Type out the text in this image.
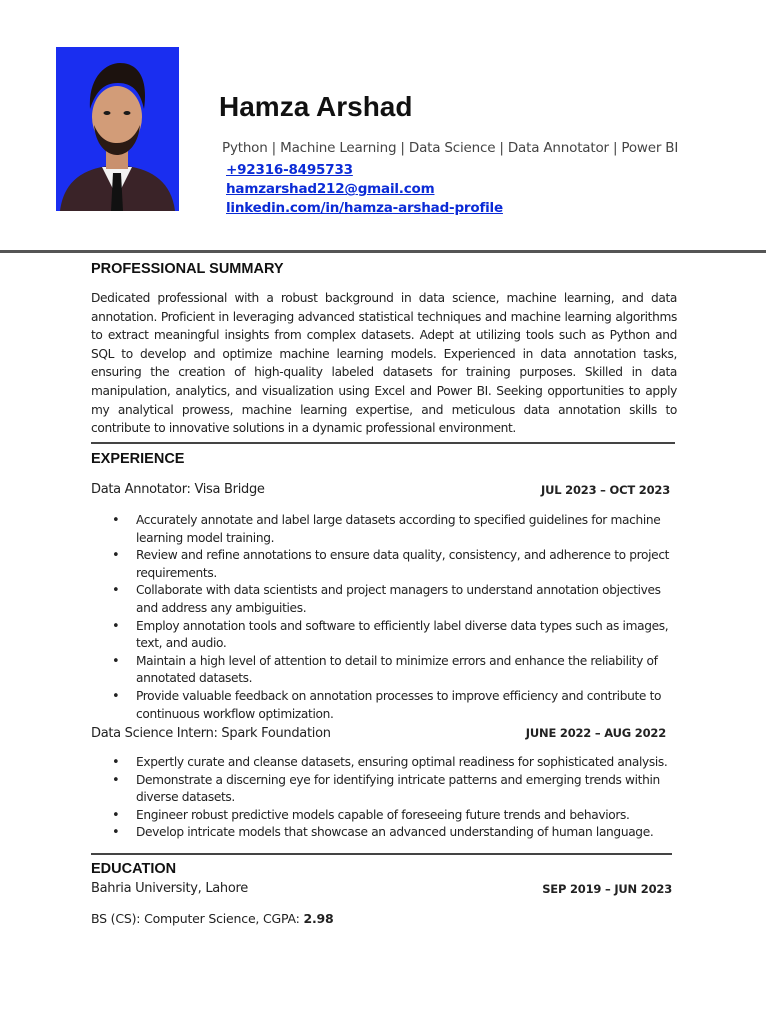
Hamza Arshad
Python | Machine Learning | Data Science | Data Annotator | Power BI
+92316-8495733
hamzarshad212@gmail.com
linkedin.com/in/hamza-arshad-profile
PROFESSIONAL SUMMARY

Dedicated professional with a robust background in data science, machine learning, and data annotation. Proficient in leveraging advanced statistical techniques and machine learning algorithms to extract meaningful insights from complex datasets. Adept at utilizing tools such as Python and SQL to develop and optimize machine learning models. Experienced in data annotation tasks, ensuring the creation of high-quality labeled datasets for training purposes. Skilled in data manipulation, analytics, and visualization using Excel and Power BI. Seeking opportunities to apply my analytical prowess, machine learning expertise, and meticulous data annotation skills to contribute to innovative solutions in a dynamic professional environment.

EXPERIENCE
Data Annotator: Visa Bridge	JUL 2023 – OCT 2023
• Accurately annotate and label large datasets according to specified guidelines for machine learning model training.
• Review and refine annotations to ensure data quality, consistency, and adherence to project requirements.
• Collaborate with data scientists and project managers to understand annotation objectives and address any ambiguities.
• Employ annotation tools and software to efficiently label diverse data types such as images, text, and audio.
• Maintain a high level of attention to detail to minimize errors and enhance the reliability of annotated datasets.
• Provide valuable feedback on annotation processes to improve efficiency and contribute to continuous workflow optimization.
Data Science Intern: Spark Foundation	JUNE 2022 – AUG 2022
• Expertly curate and cleanse datasets, ensuring optimal readiness for sophisticated analysis.
• Demonstrate a discerning eye for identifying intricate patterns and emerging trends within diverse datasets.
• Engineer robust predictive models capable of foreseeing future trends and behaviors.
• Develop intricate models that showcase an advanced understanding of human language.
EDUCATION
Bahria University, Lahore	SEP 2019 – JUN 2023
BS (CS): Computer Science, CGPA: 2.98
